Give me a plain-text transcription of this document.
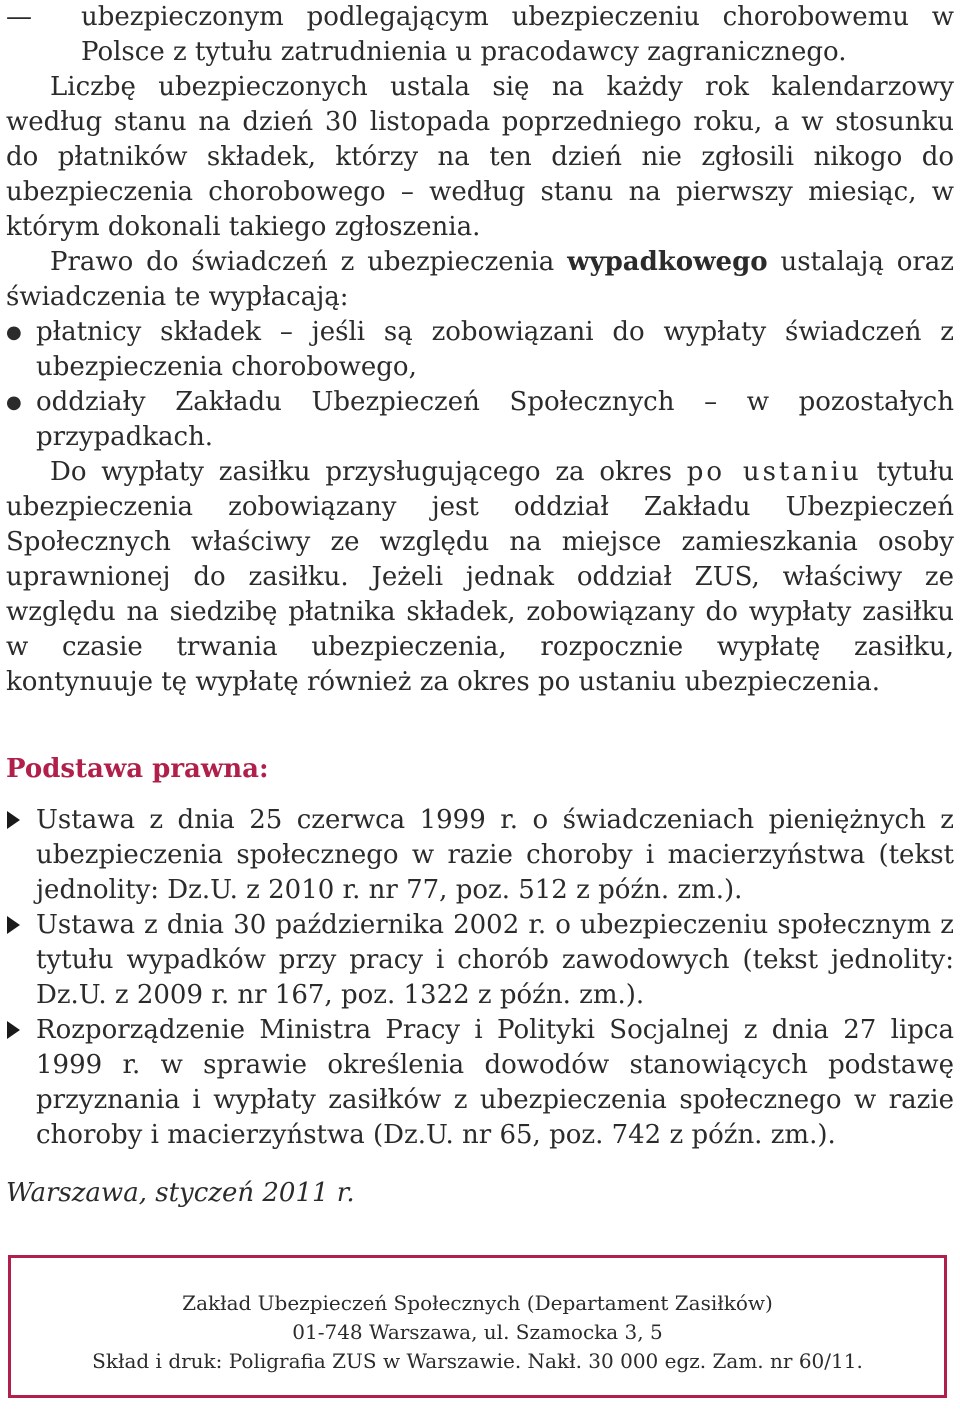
— ubezpieczonym podlegającym ubezpieczeniu chorobowemu w Polsce z tytułu zatrudnienia u pracodawcy zagranicznego.

Liczbę ubezpieczonych ustala się na każdy rok kalendarzowy według stanu na dzień 30 listopada poprzedniego roku, a w stosunku do płatników składek, którzy na ten dzień nie zgłosili nikogo do ubezpieczenia chorobowego – według stanu na pierwszy miesiąc, w którym dokonali takiego zgłoszenia.

Prawo do świadczeń z ubezpieczenia wypadkowego ustalają oraz świadczenia te wypłacają:

● płatnicy składek – jeśli są zobowiązani do wypłaty świadczeń z ubezpieczenia chorobowego,

● oddziały Zakładu Ubezpieczeń Społecznych – w pozostałych przypadkach.

Do wypłaty zasiłku przysługującego za okres po ustaniu tytułu ubezpieczenia zobowiązany jest oddział Zakładu Ubezpieczeń Społecznych właściwy ze względu na miejsce zamieszkania osoby uprawnionej do zasiłku. Jeżeli jednak oddział ZUS, właściwy ze względu na siedzibę płatnika składek, zobowiązany do wypłaty zasiłku w czasie trwania ubezpieczenia, rozpocznie wypłatę zasiłku, kontynuuje tę wypłatę również za okres po ustaniu ubezpieczenia.

Podstawa prawna:

Ustawa z dnia 25 czerwca 1999 r. o świadczeniach pieniężnych z ubezpieczenia społecznego w razie choroby i macierzyństwa (tekst jednolity: Dz.U. z 2010 r. nr 77, poz. 512 z późn. zm.).

Ustawa z dnia 30 października 2002 r. o ubezpieczeniu społecznym z tytułu wypadków przy pracy i chorób zawodowych (tekst jednolity: Dz.U. z 2009 r. nr 167, poz. 1322 z późn. zm.).

Rozporządzenie Ministra Pracy i Polityki Socjalnej z dnia 27 lipca 1999 r. w sprawie określenia dowodów stanowiących podstawę przyznania i wypłaty zasiłków z ubezpieczenia społecznego w razie choroby i macierzyństwa (Dz.U. nr 65, poz. 742 z późn. zm.).

Warszawa, styczeń 2011 r.

Zakład Ubezpieczeń Społecznych (Departament Zasiłków)
01-748 Warszawa, ul. Szamocka 3, 5
Skład i druk: Poligrafia ZUS w Warszawie. Nakł. 30 000 egz. Zam. nr 60/11.
